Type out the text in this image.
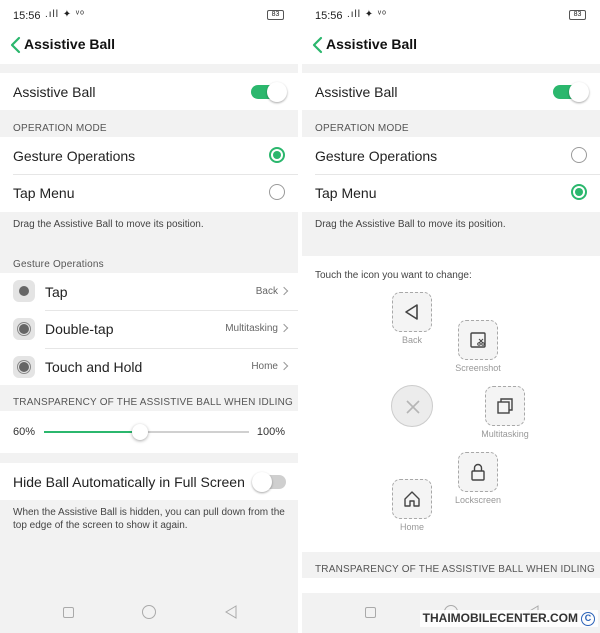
15:56 .ıll ✦ ᵛᵒ	83
Assistive Ball
Assistive Ball
OPERATION MODE
Gesture Operations
Tap Menu
Drag the Assistive Ball to move its position.
Gesture Operations
Tap	Back
Double-tap	Multitasking
Touch and Hold	Home
TRANSPARENCY OF THE ASSISTIVE BALL WHEN IDLING
60%	100%
Hide Ball Automatically in Full Screen
When the Assistive Ball is hidden, you can pull down from the top edge of the screen to show it again.
15:56 .ıll ✦ ᵛᵒ	83
Assistive Ball
Assistive Ball
OPERATION MODE
Gesture Operations
Tap Menu
Drag the Assistive Ball to move its position.
Touch the icon you want to change:
Back
Screenshot
Multitasking
Lockscreen
Home
TRANSPARENCY OF THE ASSISTIVE BALL WHEN IDLING
THAIMOBILECENTER.COM C
